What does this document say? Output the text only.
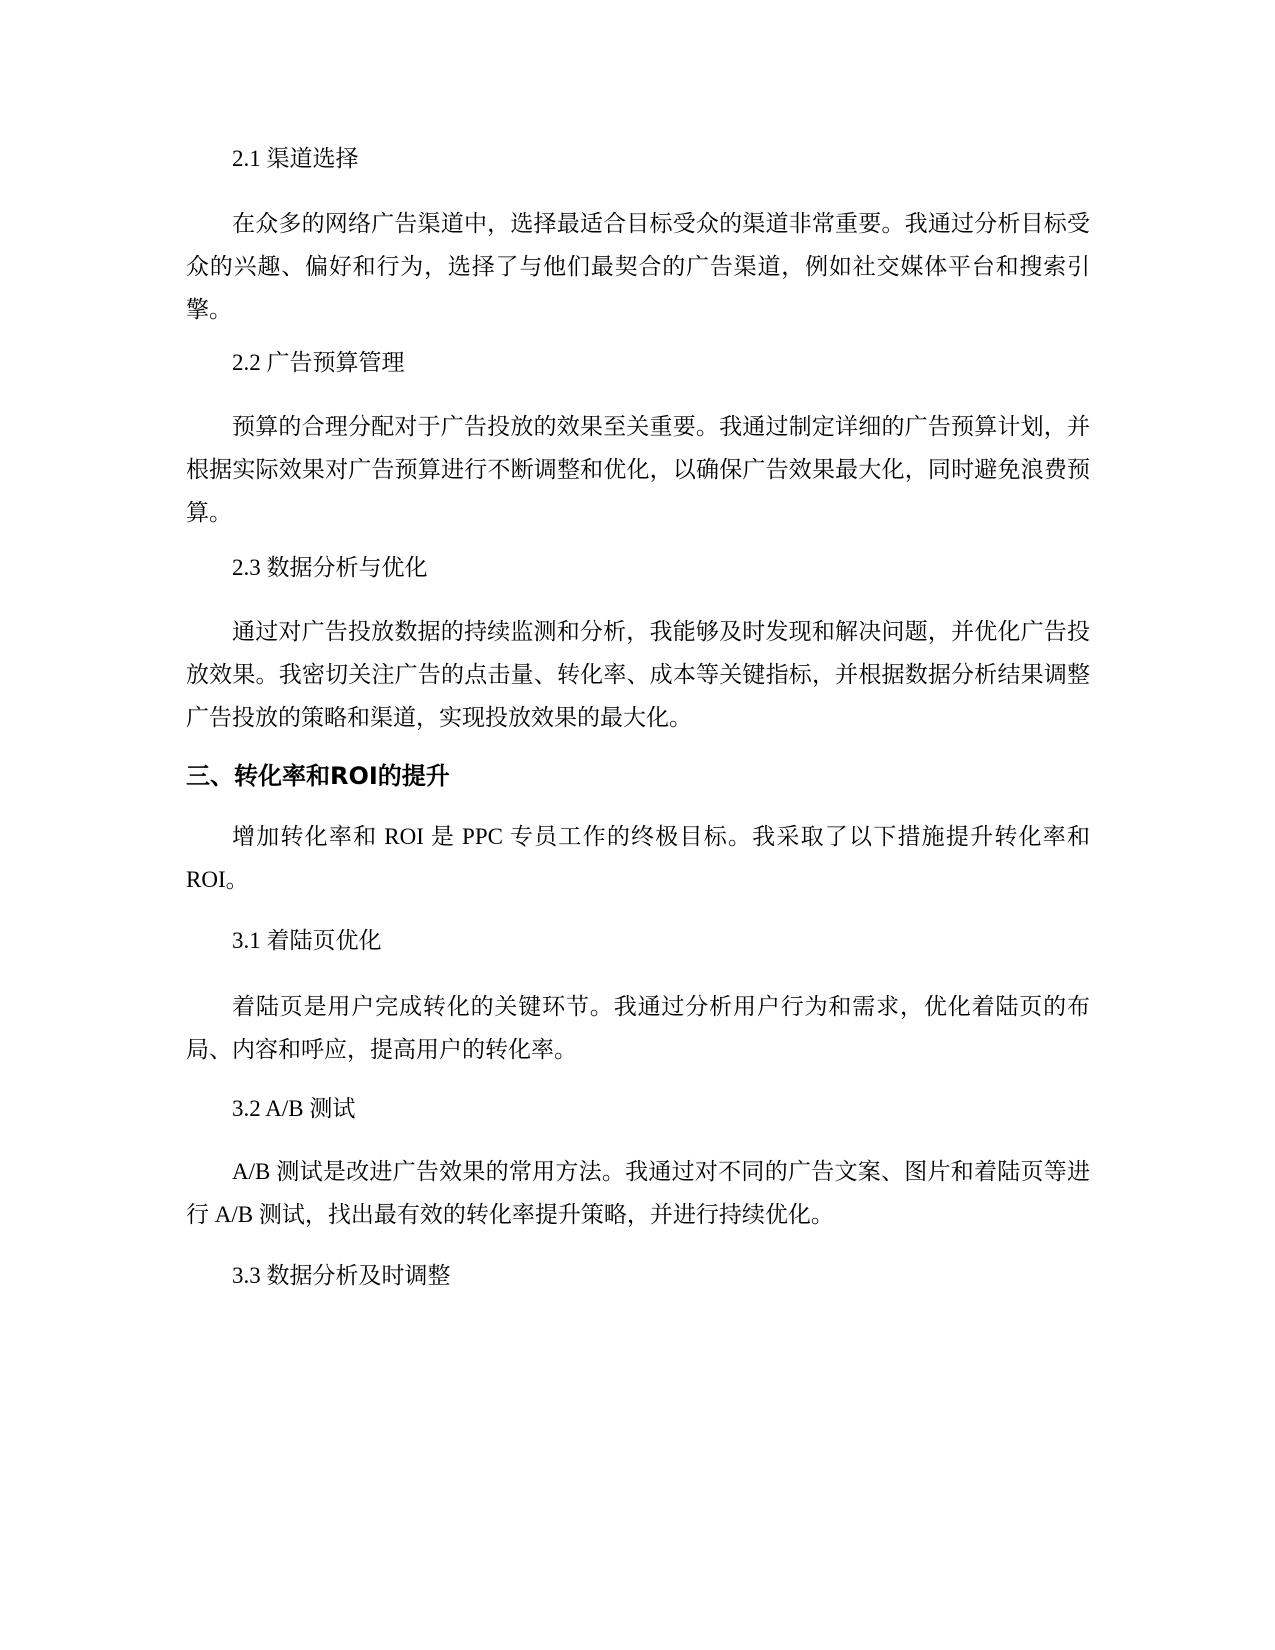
2.1 渠道选择

在众多的网络广告渠道中，选择最适合目标受众的渠道非常重要。我通过分析目标受众的兴趣、偏好和行为，选择了与他们最契合的广告渠道，例如社交媒体平台和搜索引擎。

2.2 广告预算管理

预算的合理分配对于广告投放的效果至关重要。我通过制定详细的广告预算计划，并根据实际效果对广告预算进行不断调整和优化，以确保广告效果最大化，同时避免浪费预算。

2.3 数据分析与优化

通过对广告投放数据的持续监测和分析，我能够及时发现和解决问题，并优化广告投放效果。我密切关注广告的点击量、转化率、成本等关键指标，并根据数据分析结果调整广告投放的策略和渠道，实现投放效果的最大化。

三、转化率和ROI的提升

增加转化率和 ROI 是 PPC 专员工作的终极目标。我采取了以下措施提升转化率和 ROI。

3.1 着陆页优化

着陆页是用户完成转化的关键环节。我通过分析用户行为和需求，优化着陆页的布局、内容和呼应，提高用户的转化率。

3.2 A/B 测试

A/B 测试是改进广告效果的常用方法。我通过对不同的广告文案、图片和着陆页等进行 A/B 测试，找出最有效的转化率提升策略，并进行持续优化。

3.3 数据分析及时调整
